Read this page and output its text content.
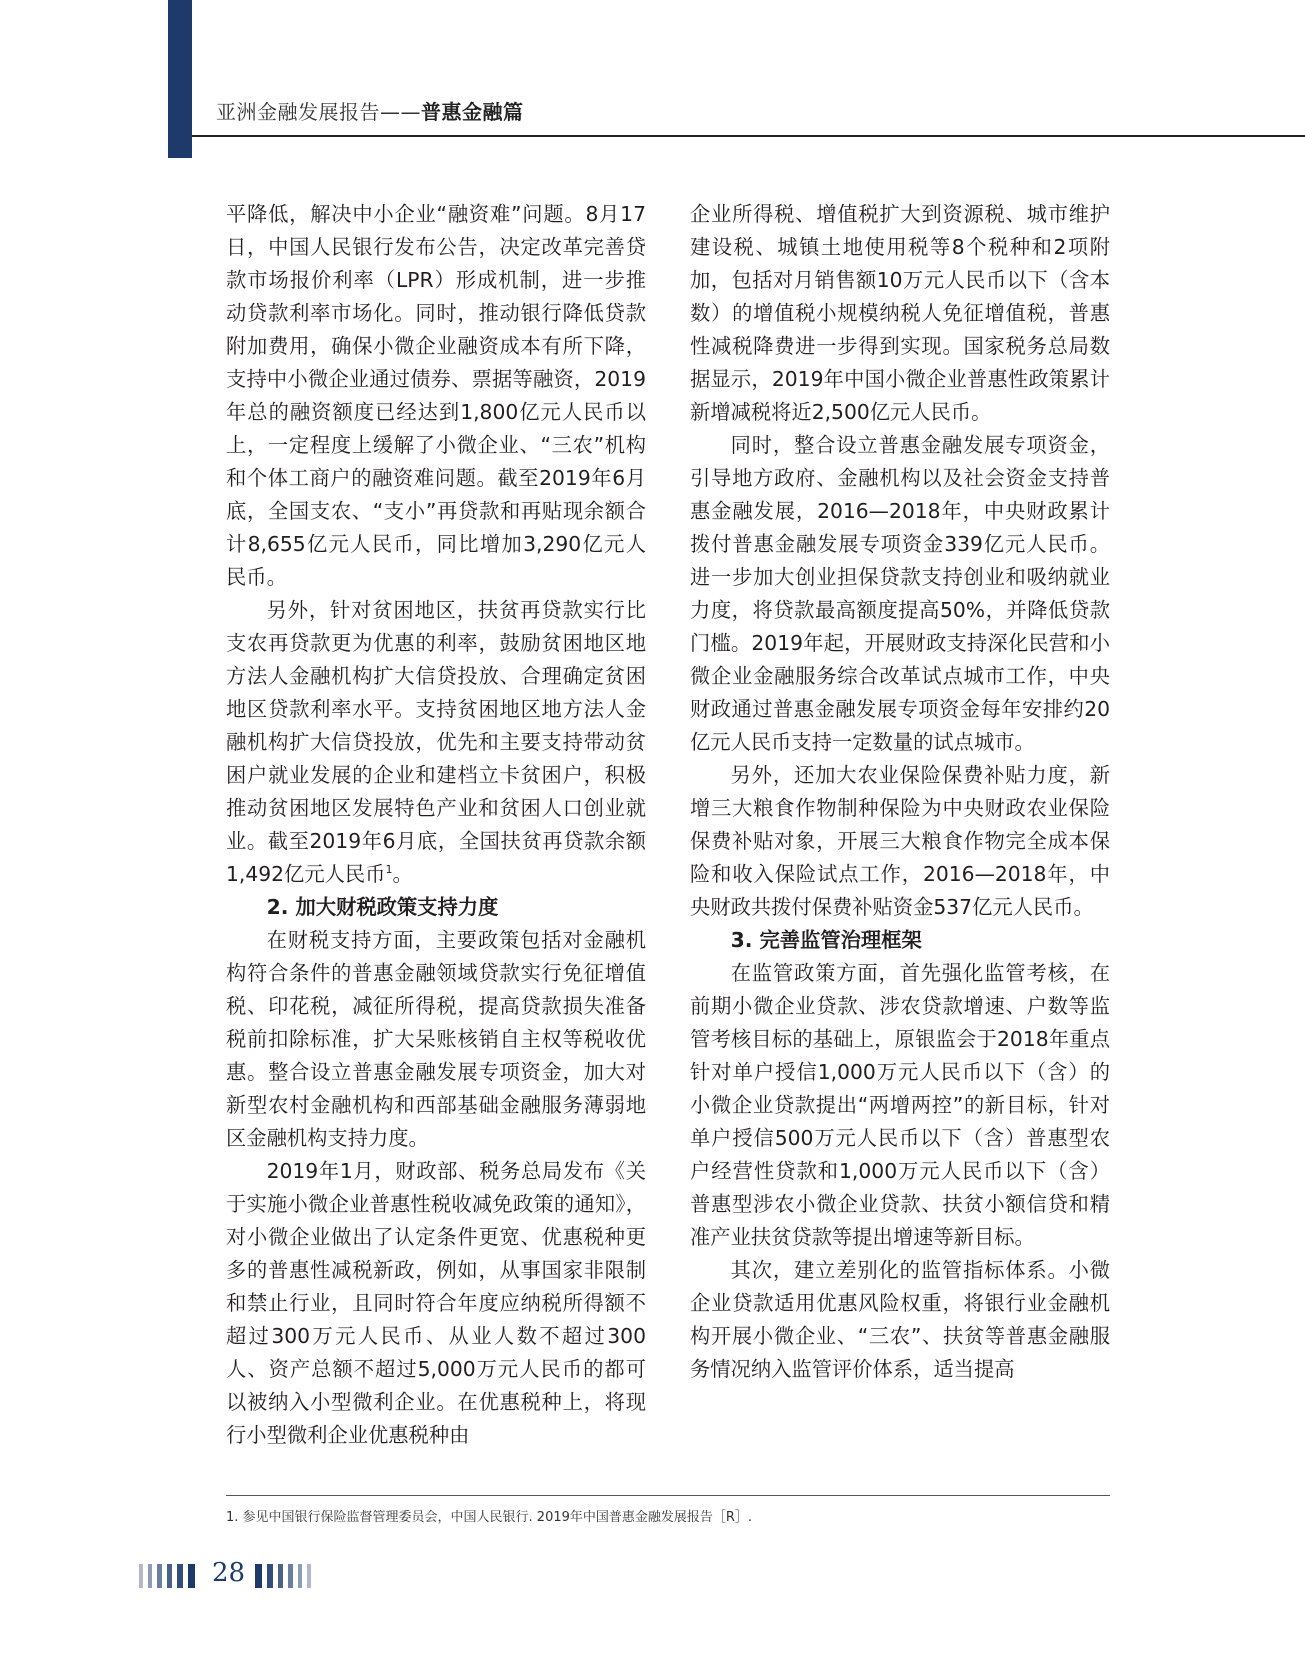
亚洲金融发展报告——普惠金融篇

平降低，解决中小企业“融资难”问题。8月17日，中国人民银行发布公告，决定改革完善贷款市场报价利率（LPR）形成机制，进一步推动贷款利率市场化。同时，推动银行降低贷款附加费用，确保小微企业融资成本有所下降，支持中小微企业通过债券、票据等融资，2019年总的融资额度已经达到1,800亿元人民币以上，一定程度上缓解了小微企业、“三农”机构和个体工商户的融资难问题。截至2019年6月底，全国支农、“支小”再贷款和再贴现余额合计8,655亿元人民币，同比增加3,290亿元人民币。

另外，针对贫困地区，扶贫再贷款实行比支农再贷款更为优惠的利率，鼓励贫困地区地方法人金融机构扩大信贷投放、合理确定贫困地区贷款利率水平。支持贫困地区地方法人金融机构扩大信贷投放，优先和主要支持带动贫困户就业发展的企业和建档立卡贫困户，积极推动贫困地区发展特色产业和贫困人口创业就业。截至2019年6月底，全国扶贫再贷款余额1,492亿元人民币$^1$。

2. 加大财税政策支持力度

在财税支持方面，主要政策包括对金融机构符合条件的普惠金融领域贷款实行免征增值税、印花税，减征所得税，提高贷款损失准备税前扣除标准，扩大呆账核销自主权等税收优惠。整合设立普惠金融发展专项资金，加大对新型农村金融机构和西部基础金融服务薄弱地区金融机构支持力度。

2019年1月，财政部、税务总局发布《关于实施小微企业普惠性税收减免政策的通知》，对小微企业做出了认定条件更宽、优惠税种更多的普惠性减税新政，例如，从事国家非限制和禁止行业，且同时符合年度应纳税所得额不超过300万元人民币、从业人数不超过300人、资产总额不超过5,000万元人民币的都可以被纳入小型微利企业。在优惠税种上，将现行小型微利企业优惠税种由

企业所得税、增值税扩大到资源税、城市维护建设税、城镇土地使用税等8个税种和2项附加，包括对月销售额10万元人民币以下（含本数）的增值税小规模纳税人免征增值税，普惠性减税降费进一步得到实现。国家税务总局数据显示，2019年中国小微企业普惠性政策累计新增减税将近2,500亿元人民币。

同时，整合设立普惠金融发展专项资金，引导地方政府、金融机构以及社会资金支持普惠金融发展，2016—2018年，中央财政累计拨付普惠金融发展专项资金339亿元人民币。进一步加大创业担保贷款支持创业和吸纳就业力度，将贷款最高额度提高50%，并降低贷款门槛。2019年起，开展财政支持深化民营和小微企业金融服务综合改革试点城市工作，中央财政通过普惠金融发展专项资金每年安排约20亿元人民币支持一定数量的试点城市。

另外，还加大农业保险保费补贴力度，新增三大粮食作物制种保险为中央财政农业保险保费补贴对象，开展三大粮食作物完全成本保险和收入保险试点工作，2016—2018年，中央财政共拨付保费补贴资金537亿元人民币。

3. 完善监管治理框架

在监管政策方面，首先强化监管考核，在前期小微企业贷款、涉农贷款增速、户数等监管考核目标的基础上，原银监会于2018年重点针对单户授信1,000万元人民币以下（含）的小微企业贷款提出“两增两控”的新目标，针对单户授信500万元人民币以下（含）普惠型农户经营性贷款和1,000万元人民币以下（含）普惠型涉农小微企业贷款、扶贫小额信贷和精准产业扶贫贷款等提出增速等新目标。

其次，建立差别化的监管指标体系。小微企业贷款适用优惠风险权重，将银行业金融机构开展小微企业、“三农”、扶贫等普惠金融服务情况纳入监管评价体系，适当提高

1. 参见中国银行保险监督管理委员会，中国人民银行. 2019年中国普惠金融发展报告［R］.
28
